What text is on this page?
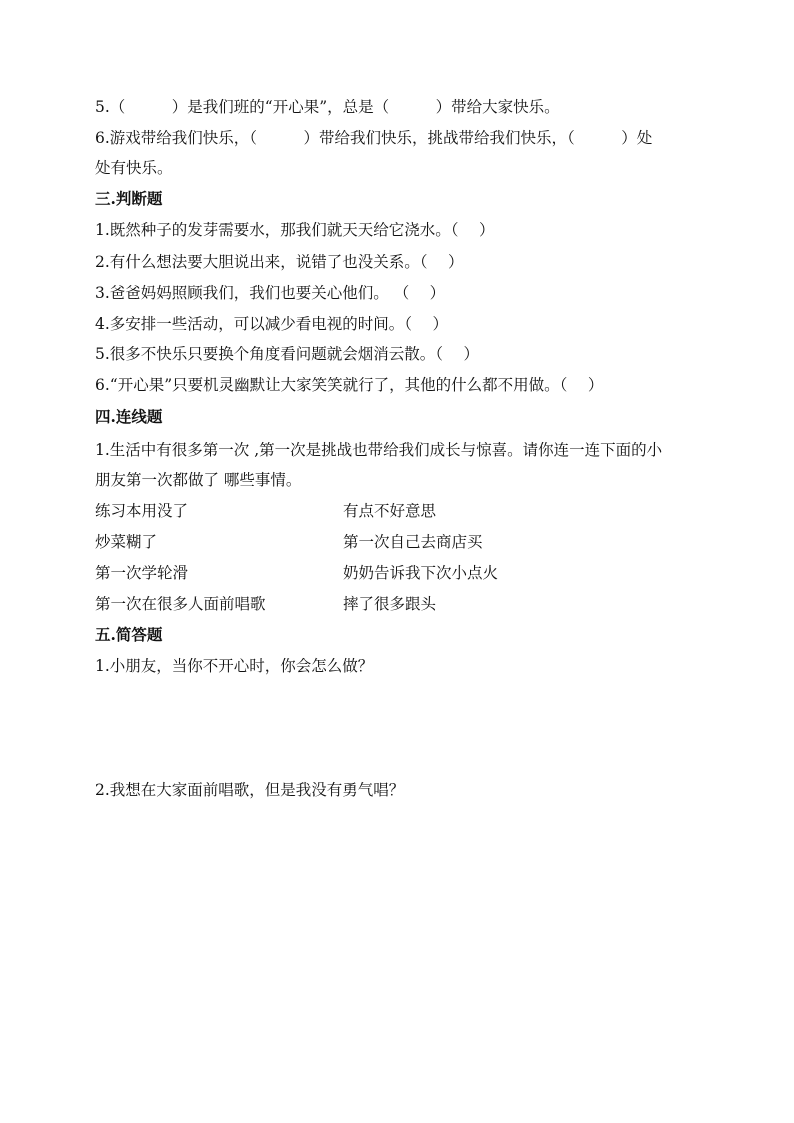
5.（　　　）是我们班的“开心果”，总是（　　　）带给大家快乐。
6.游戏带给我们快乐，（　　　）带给我们快乐，挑战带给我们快乐，（　　　）处
处有快乐。
三.判断题
1.既然种子的发芽需要水，那我们就天天给它浇水。（　 ）
2.有什么想法要大胆说出来，说错了也没关系。（　 ）
3.爸爸妈妈照顾我们，我们也要关心他们。 （　 ）
4.多安排一些活动，可以减少看电视的时间。（　 ）
5.很多不快乐只要换个角度看问题就会烟消云散。（　 ）
6.“开心果”只要机灵幽默让大家笑笑就行了，其他的什么都不用做。（　 ）
四.连线题
1.生活中有很多第一次 ,第一次是挑战也带给我们成长与惊喜。请你连一连下面的小
朋友第一次都做了 哪些事情。
练习本用没了	有点不好意思
炒菜糊了	第一次自己去商店买
第一次学轮滑	奶奶告诉我下次小点火
第一次在很多人面前唱歌	摔了很多跟头
五.简答题
1.小朋友，当你不开心时，你会怎么做？
2.我想在大家面前唱歌，但是我没有勇气唱？
